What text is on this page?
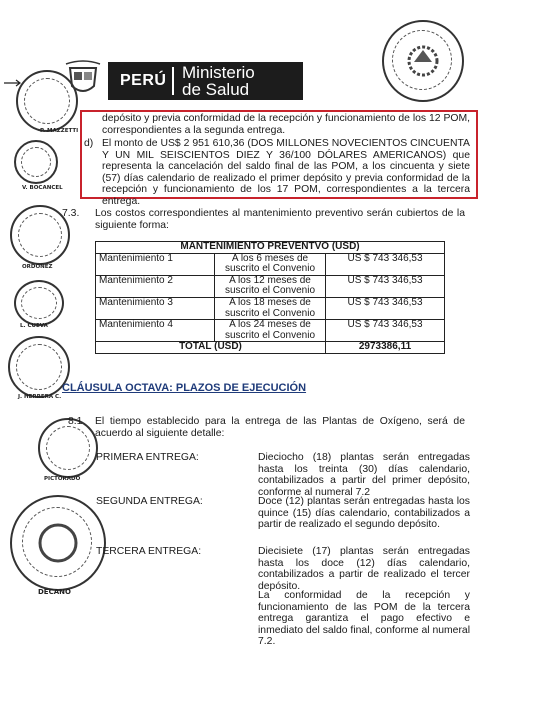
PERÚ Ministerio
de Salud
P. MAZZETTI
V. BOCANCEL
ORDOÑEZ
L. CUEVA
J. HERRERA C.
PICTORADO
DECANO
depósito y previa conformidad de la recepción y funcionamiento de los 12 POM, correspondientes a la segunda entrega.
d) El monto de US$ 2 951 610,36 (DOS MILLONES NOVECIENTOS CINCUENTA Y UN MIL SEISCIENTOS DIEZ Y 36/100 DÓLARES AMERICANOS) que representa la cancelación del saldo final de las POM, a los cincuenta y siete (57) días calendario de realizado el primer depósito y previa conformidad de la recepción y funcionamiento de los 17 POM, correspondientes a la tercera entrega.
7.3. Los costos correspondientes al mantenimiento preventivo serán cubiertos de la siguiente forma:
MANTENIMIENTO PREVENTVO (USD)		
Mantenimiento 1	A los 6 meses de suscrito el Convenio	US $ 743 346,53
Mantenimiento 2	A los 12 meses de suscrito el Convenio	US $ 743 346,53
Mantenimiento 3	A los 18 meses de suscrito el Convenio	US $ 743 346,53
Mantenimiento 4	A los 24 meses de suscrito el Convenio	US $ 743 346,53
TOTAL (USD)		2973386,11
CLÁUSULA OCTAVA: PLAZOS DE EJECUCIÓN
8.1 El tiempo establecido para la entrega de las Plantas de Oxígeno, será de acuerdo al siguiente detalle:
PRIMERA ENTREGA:	Dieciocho (18) plantas serán entregadas hasta los treinta (30) días calendario, contabilizados a partir del primer depósito, conforme al numeral 7.2
SEGUNDA ENTREGA:	Doce (12) plantas serán entregadas hasta los quince (15) días calendario, contabilizados a partir de realizado el segundo depósito.
TERCERA ENTREGA:	Diecisiete (17) plantas serán entregadas hasta los doce (12) días calendario, contabilizados a partir de realizado el tercer depósito.
La conformidad de la recepción y funcionamiento de las POM de la tercera entrega garantiza el pago efectivo e inmediato del saldo final, conforme al numeral 7.2.
